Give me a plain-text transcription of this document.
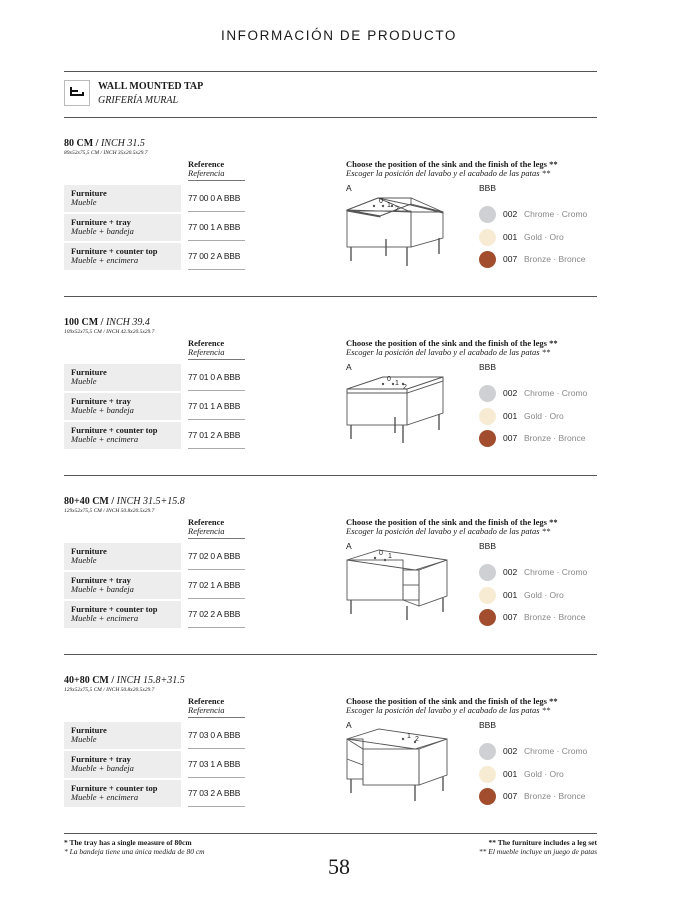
INFORMACIÓN DE PRODUCTO
WALL MOUNTED TAP
GRIFERÍA MURAL
80 CM / INCH 31.5
89x52x75,5 CM / INCH 35x20.5x29.7
Reference
Referencia
Furniture
Mueble	77 00 0 A BBB
Furniture + tray
Mueble + bandeja	77 00 1 A BBB
Furniture + counter top
Mueble + encimera	77 00 2 A BBB
Choose the position of the sink and the finish of the legs **
Escoger la posición del lavabo y el acabado de las patas **
A	BBB
0
1
2	002 Chrome · Cromo
001 Gold · Oro
007 Bronze · Bronce
100 CM / INCH 39.4
109x52x75,5 CM / INCH 42.9x20.5x29.7
Reference
Referencia
Furniture
Mueble	77 01 0 A BBB
Furniture + tray
Mueble + bandeja	77 01 1 A BBB
Furniture + counter top
Mueble + encimera	77 01 2 A BBB
Choose the position of the sink and the finish of the legs **
Escoger la posición del lavabo y el acabado de las patas **
A	BBB
0
1
2
002 Chrome · Cromo
001 Gold · Oro
007 Bronze · Bronce
80+40 CM / INCH 31.5+15.8
129x52x75,5 CM / INCH 50.8x20.5x29.7
Reference
Referencia
Furniture
Mueble	77 02 0 A BBB
Furniture + tray
Mueble + bandeja	77 02 1 A BBB
Furniture + counter top
Mueble + encimera	77 02 2 A BBB
Choose the position of the sink and the finish of the legs **
Escoger la posición del lavabo y el acabado de las patas **
A	BBB
0 1
002 Chrome · Cromo
001 Gold · Oro
007 Bronze · Bronce
40+80 CM / INCH 15.8+31.5
129x52x75,5 CM / INCH 50.8x20.5x29.7
Reference
Referencia
Furniture
Mueble	77 03 0 A BBB
Furniture + tray
Mueble + bandeja	77 03 1 A BBB
Furniture + counter top
Mueble + encimera	77 03 2 A BBB
Choose the position of the sink and the finish of the legs **
Escoger la posición del lavabo y el acabado de las patas **
A	BBB
1 2
002 Chrome · Cromo
001 Gold · Oro
007 Bronze · Bronce
* The tray has a single measure of 80cm
* La bandeja tiene una única medida de 80 cm
** The furniture includes a leg set
** El mueble incluye un juego de patas
58
